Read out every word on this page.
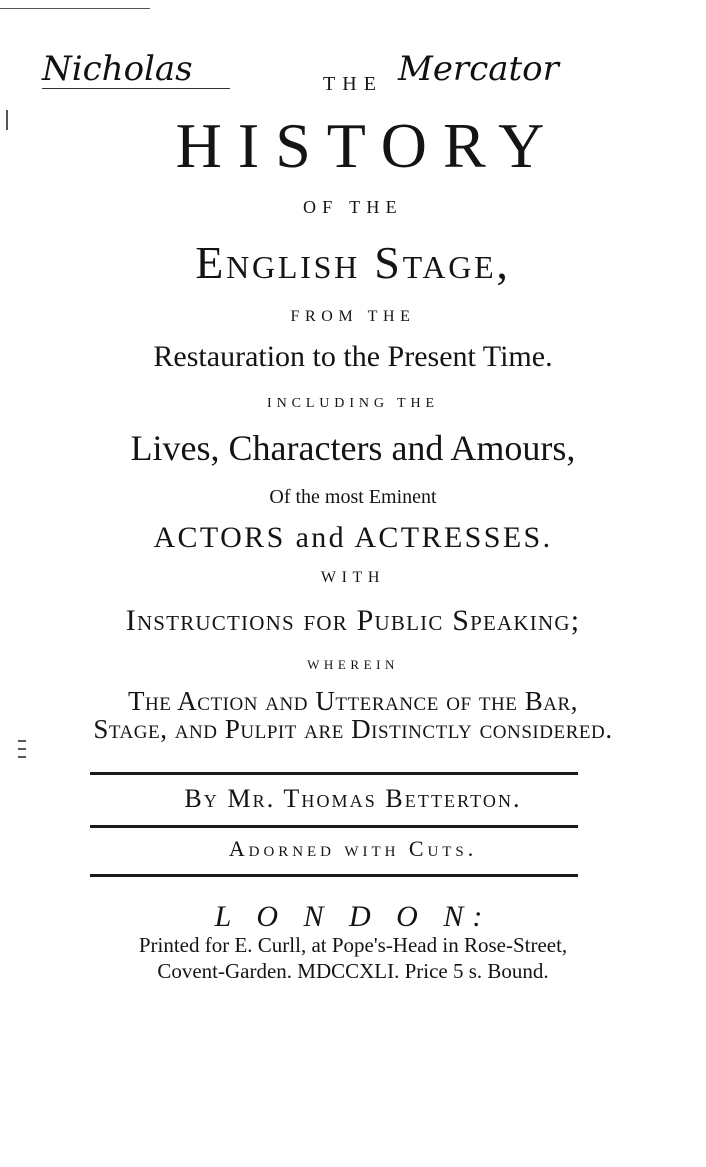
Nicholas	Mercator
THE
HISTORY
OF THE
English Stage,
FROM THE
Restauration to the Present Time.
INCLUDING THE
Lives, Characters and Amours,
Of the most Eminent
ACTORS and ACTRESSES.
WITH
Instructions for Public Speaking;
WHEREIN
The Action and Utterance of the Bar,
Stage, and Pulpit are Distinctly considered.
By Mr. Thomas Betterton.
Adorned with Cuts.
L O N D O N:
Printed for E. Curll, at Pope's-Head in Rose-Street,
Covent-Garden. MDCCXLI. Price 5 s. Bound.
